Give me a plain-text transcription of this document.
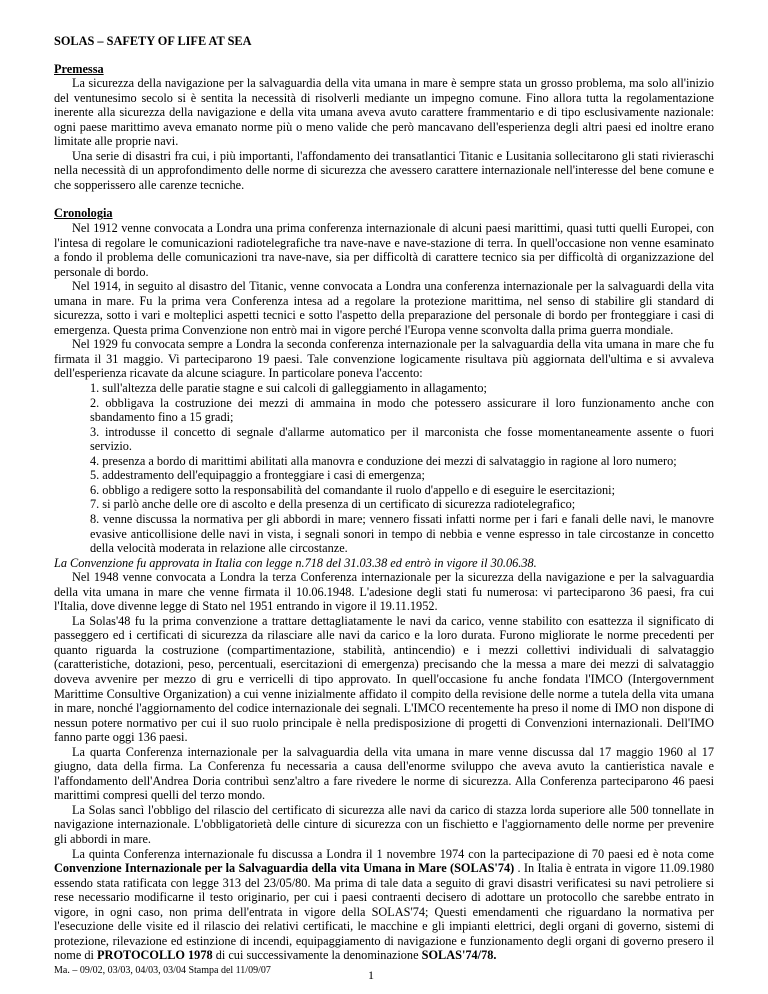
SOLAS – SAFETY OF LIFE AT SEA
Premessa

La sicurezza della navigazione per la salvaguardia della vita umana in mare è sempre stata un grosso problema, ma solo all'inizio del ventunesimo secolo si è sentita la necessità di risolverli mediante un impegno comune. Fino allora tutta la regolamentazione inerente alla sicurezza della navigazione e della vita umana aveva avuto carattere frammentario e di tipo esclusivamente nazionale: ogni paese marittimo aveva emanato norme più o meno valide che però mancavano dell'esperienza degli altri paesi ed inoltre erano limitate alle proprie navi.

Una serie di disastri fra cui, i più importanti, l'affondamento dei transatlantici Titanic e Lusitania sollecitarono gli stati rivieraschi nella necessità di un approfondimento delle norme di sicurezza che avessero carattere internazionale nell'interesse del bene comune e che sopperissero alle carenze tecniche.

Cronologia

Nel 1912 venne convocata a Londra una prima conferenza internazionale di alcuni paesi marittimi, quasi tutti quelli Europei, con l'intesa di regolare le comunicazioni radiotelegrafiche tra nave-nave e nave-stazione di terra. In quell'occasione non venne esaminato a fondo il problema delle comunicazioni tra nave-nave, sia per difficoltà di carattere tecnico sia per difficoltà di organizzazione del personale di bordo.

Nel 1914, in seguito al disastro del Titanic, venne convocata a Londra una conferenza internazionale per la salvaguardi della vita umana in mare. Fu la prima vera Conferenza intesa ad a regolare la protezione marittima, nel senso di stabilire gli standard di sicurezza, sotto i vari e molteplici aspetti tecnici e sotto l'aspetto della preparazione del personale di bordo per fronteggiare i casi di emergenza. Questa prima Convenzione non entrò mai in vigore perché l'Europa venne sconvolta dalla prima guerra mondiale.

Nel 1929 fu convocata sempre a Londra la seconda conferenza internazionale per la salvaguardia della vita umana in mare che fu firmata il 31 maggio. Vi parteciparono 19 paesi. Tale convenzione logicamente risultava più aggiornata dell'ultima e si avvaleva dell'esperienza ricavate da alcune sciagure. In particolare poneva l'accento:

1. sull'altezza delle paratie stagne e sui calcoli di galleggiamento in allagamento;
2. obbligava la costruzione dei mezzi di ammaina in modo che potessero assicurare il loro funzionamento anche con sbandamento fino a 15 gradi;
3. introdusse il concetto di segnale d'allarme automatico per il marconista che fosse momentaneamente assente o fuori servizio.
4. presenza a bordo di marittimi abilitati alla manovra e conduzione dei mezzi di salvataggio in ragione al loro numero;
5. addestramento dell'equipaggio a fronteggiare i casi di emergenza;
6. obbligo a redigere sotto la responsabilità del comandante il ruolo d'appello e di eseguire le esercitazioni;
7. si parlò anche delle ore di ascolto e della presenza di un certificato di sicurezza radiotelegrafico;
8. venne discussa la normativa per gli abbordi in mare; vennero fissati infatti norme per i fari e fanali delle navi, le manovre evasive anticollisione delle navi in vista, i segnali sonori in tempo di nebbia e venne espresso in tale circostanze in concetto della velocità moderata in relazione alle circostanze.

La Convenzione fu approvata in Italia con legge n.718 del 31.03.38 ed entrò in vigore il 30.06.38.

Nel 1948 venne convocata a Londra la terza Conferenza internazionale per la sicurezza della navigazione e per la salvaguardia della vita umana in mare che venne firmata il 10.06.1948. L'adesione degli stati fu numerosa: vi parteciparono 36 paesi, fra cui l'Italia, dove divenne legge di Stato nel 1951 entrando in vigore il 19.11.1952.

La Solas'48 fu la prima convenzione a trattare dettagliatamente le navi da carico, venne stabilito con esattezza il significato di passeggero ed i certificati di sicurezza da rilasciare alle navi da carico e la loro durata. Furono migliorate le norme precedenti per quanto riguarda la costruzione (compartimentazione, stabilità, antincendio) e i mezzi collettivi individuali di salvataggio (caratteristiche, dotazioni, peso, percentuali, esercitazioni di emergenza) precisando che la messa a mare dei mezzi di salvataggio doveva avvenire per mezzo di gru e verricelli di tipo approvato. In quell'occasione fu anche fondata l'IMCO (Intergovernment Marittime Consultive Organization) a cui venne inizialmente affidato il compito della revisione delle norme a tutela della vita umana in mare, nonché l'aggiornamento del codice internazionale dei segnali. L'IMCO recentemente ha preso il nome di IMO non dispone di nessun potere normativo per cui il suo ruolo principale è nella predisposizione di progetti di Convenzioni internazionali. Dell'IMO fanno parte oggi 136 paesi.

La quarta Conferenza internazionale per la salvaguardia della vita umana in mare venne discussa dal 17 maggio 1960 al 17 giugno, data della firma. La Conferenza fu necessaria a causa dell'enorme sviluppo che aveva avuto la cantieristica navale e l'affondamento dell'Andrea Doria contribuì senz'altro a fare rivedere le norme di sicurezza. Alla Conferenza parteciparono 46 paesi marittimi compresi quelli del terzo mondo.

La Solas sancì l'obbligo del rilascio del certificato di sicurezza alle navi da carico di stazza lorda superiore alle 500 tonnellate in navigazione internazionale. L'obbligatorietà delle cinture di sicurezza con un fischietto e l'aggiornamento delle norme per prevenire gli abbordi in mare.

La quinta Conferenza internazionale fu discussa a Londra il 1 novembre 1974 con la partecipazione di 70 paesi ed è nota come Convenzione Internazionale per la Salvaguardia della vita Umana in Mare (SOLAS'74) . In Italia è entrata in vigore 11.09.1980 essendo stata ratificata con legge 313 del 23/05/80. Ma prima di tale data a seguito di gravi disastri verificatesi su navi petroliere si rese necessario modificarne il testo originario, per cui i paesi contraenti decisero di adottare un protocollo che sarebbe entrato in vigore, in ogni caso, non prima dell'entrata in vigore della SOLAS'74; Questi emendamenti che riguardano la normativa per l'esecuzione delle visite ed il rilascio dei relativi certificati, le macchine e gli impianti elettrici, degli organi di governo, sistemi di protezione, rilevazione ed estinzione di incendi, equipaggiamento di navigazione e funzionamento degli organi di governo presero il nome di PROTOCOLLO 1978 di cui successivamente la denominazione SOLAS'74/78.

Ma. – 09/02, 03/03, 04/03, 03/04 Stampa del 11/09/07	1
